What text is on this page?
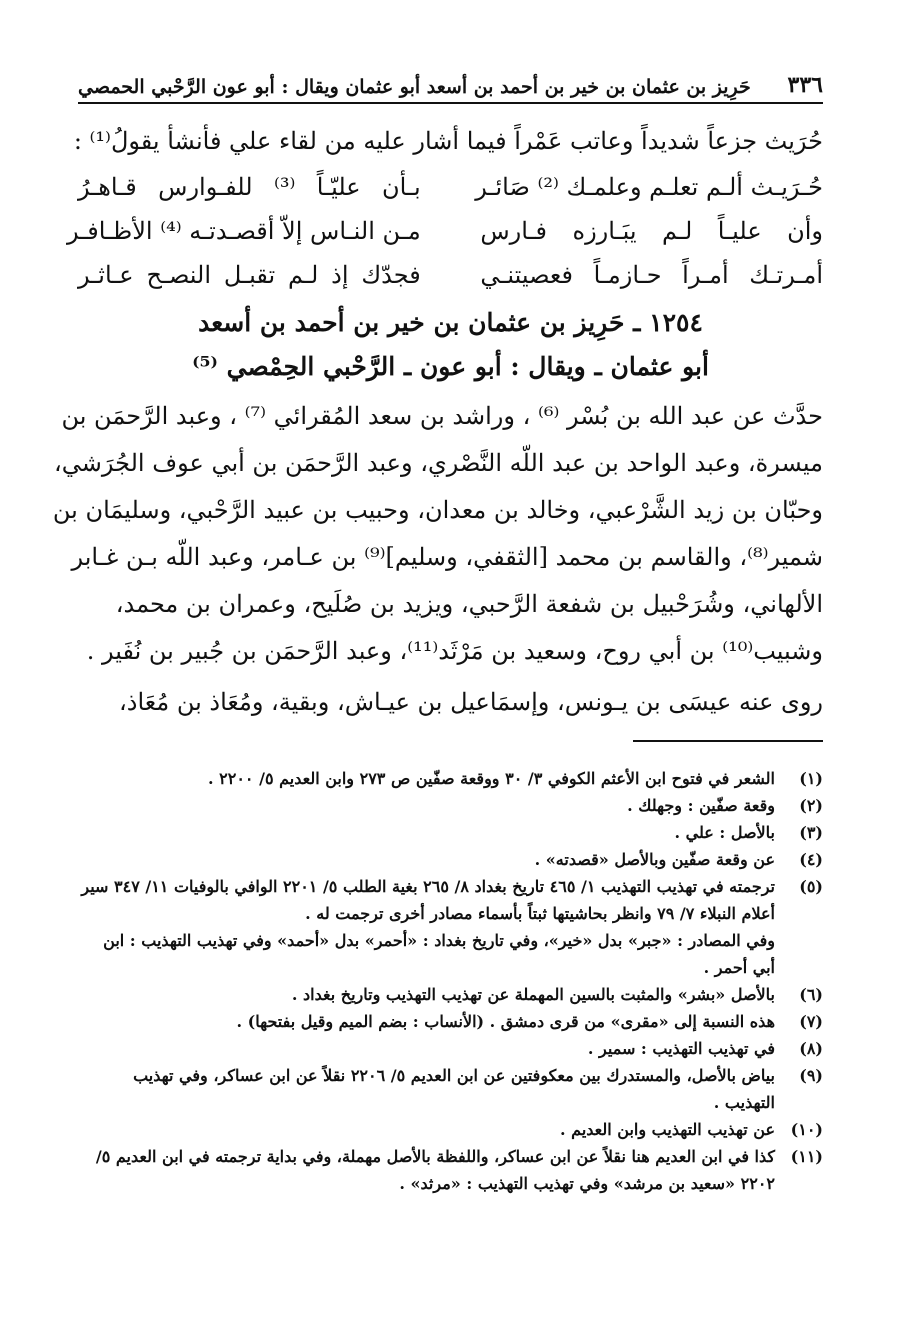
٣٣٦
حَرِيز بن عثمان بن خير بن أحمد بن أسعد أبو عثمان ويقال : أبو عون الرَّحْبي الحمصي
حُرَيث جزعاً شديداً وعاتب عَمْراً فيما أشار عليه من لقاء علي فأنشأ يقولُ⁽¹⁾ :
حُـرَيـث ألـم تعلـم وعلمـك ⁽²⁾ صَائـر
بـأن عليّـاً ⁽³⁾ للفـوارس قـاهـرُ
وأن عليـاً لـم يبَـارزه فـارس
مـن النـاس إلاّ أقصـدتـه ⁽⁴⁾ الأظـافـر
أمـرتـك أمـراً حـازمـاً فعصيتنـي
فجدّك إذ لـم تقبـل النصـح عـاثـر
١٢٥٤ ـ حَرِيز بن عثمان بن خير بن أحمد بن أسعد
أبو عثمان ـ ويقال : أبو عون ـ الرَّحْبي الحِمْصي ⁽⁵⁾
حدَّث عن عبد الله بن بُسْر ⁽⁶⁾ ، وراشد بن سعد المُقرائي ⁽⁷⁾ ، وعبد الرَّحمَن بن
ميسرة، وعبد الواحد بن عبد اللّه النَّصْري، وعبد الرَّحمَن بن أبي عوف الجُرَشي،
وحبّان بن زيد الشَّرْعبي، وخالد بن معدان، وحبيب بن عبيد الرَّحْبي، وسليمَان بن
شمير⁽⁸⁾، والقاسم بن محمد [الثقفي، وسليم]⁽⁹⁾ بن عـامر، وعبد اللّه بـن غـابر
الألهاني، وشُرَحْبيل بن شفعة الرَّحبي، ويزيد بن صُلَيح، وعمران بن محمد،
وشبيب⁽¹⁰⁾ بن أبي روح، وسعيد بن مَرْثَد⁽¹¹⁾، وعبد الرَّحمَن بن جُبير بن نُفَير .
روى عنه عيسَى بن يـونس، وإسمَاعيل بن عيـاش، وبقية، ومُعَاذ بن مُعَاذ،
(١)
الشعر في فتوح ابن الأعثم الكوفي ٣/ ٣٠ ووقعة صفّين ص ٢٧٣ وابن العديم ٥/ ٢٢٠٠ .
(٢)
وقعة صفّين : وجهلك .
(٣)
بالأصل : علي .
(٤)
عن وقعة صفّين وبالأصل «قصدته» .
(٥)
ترجمته في تهذيب التهذيب ١/ ٤٦٥ تاريخ بغداد ٨/ ٢٦٥ بغية الطلب ٥/ ٢٢٠١ الوافي بالوفيات ١١/ ٣٤٧ سير أعلام النبلاء ٧/ ٧٩ وانظر بحاشيتها ثبتاً بأسماء مصادر أخرى ترجمت له .
وفي المصادر : «جبر» بدل «خير»، وفي تاريخ بغداد : «أحمر» بدل «أحمد» وفي تهذيب التهذيب : ابن أبي أحمر .
(٦)
بالأصل «بشر» والمثبت بالسين المهملة عن تهذيب التهذيب وتاريخ بغداد .
(٧)
هذه النسبة إلى «مقرى» من قرى دمشق . (الأنساب : بضم الميم وقيل بفتحها) .
(٨)
في تهذيب التهذيب : سمير .
(٩)
بياض بالأصل، والمستدرك بين معكوفتين عن ابن العديم ٥/ ٢٢٠٦ نقلاً عن ابن عساكر، وفي تهذيب التهذيب .
(١٠)
عن تهذيب التهذيب وابن العديم .
(١١)
كذا في ابن العديم هنا نقلاً عن ابن عساكر، واللفظة بالأصل مهملة، وفي بداية ترجمته في ابن العديم ٥/ ٢٢٠٢ «سعيد بن مرشد» وفي تهذيب التهذيب : «مرثد» .
